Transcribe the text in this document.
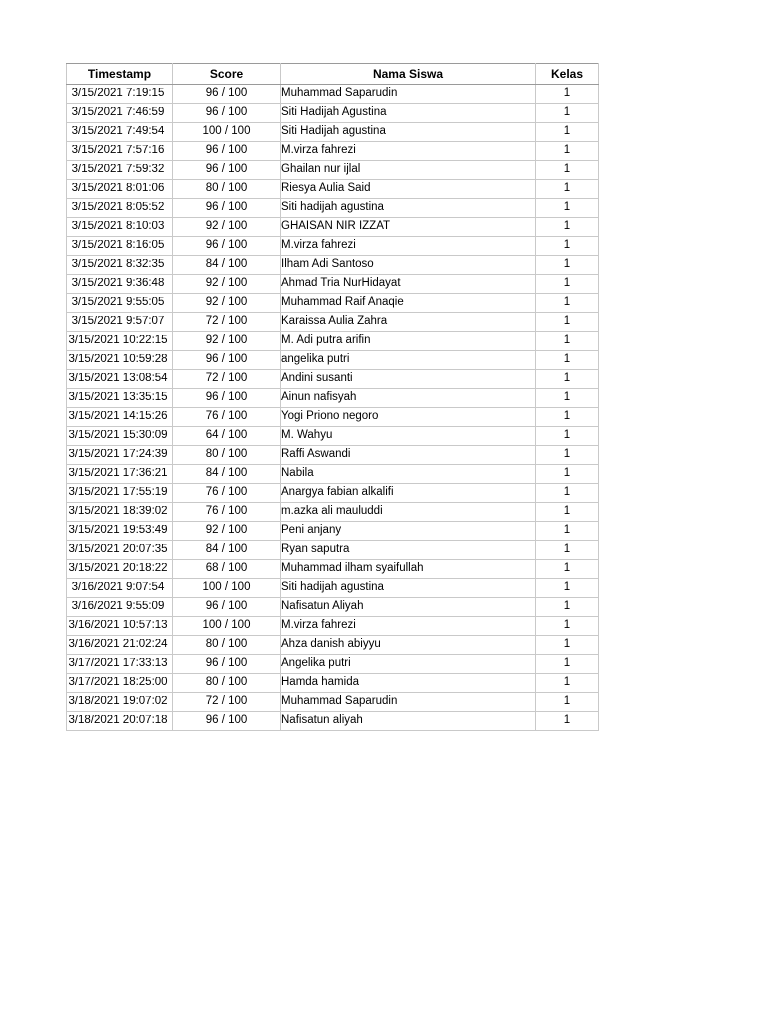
Timestamp	Score	Nama Siswa	Kelas

3/15/2021 7:19:15	96 / 100	Muhammad Saparudin	1

3/15/2021 7:46:59	96 / 100	Siti Hadijah Agustina	1

3/15/2021 7:49:54	100 / 100	Siti Hadijah agustina	1

3/15/2021 7:57:16	96 / 100	M.virza fahrezi	1

3/15/2021 7:59:32	96 / 100	Ghailan nur ijlal	1

3/15/2021 8:01:06	80 / 100	Riesya Aulia Said	1

3/15/2021 8:05:52	96 / 100	Siti hadijah agustina	1

3/15/2021 8:10:03	92 / 100	GHAISAN NIR IZZAT	1

3/15/2021 8:16:05	96 / 100	M.virza fahrezi	1

3/15/2021 8:32:35	84 / 100	Ilham Adi Santoso	1

3/15/2021 9:36:48	92 / 100	Ahmad Tria NurHidayat	1

3/15/2021 9:55:05	92 / 100	Muhammad Raif Anaqie	1

3/15/2021 9:57:07	72 / 100	Karaissa Aulia Zahra	1

3/15/2021 10:22:15	92 / 100	M. Adi putra arifin	1

3/15/2021 10:59:28	96 / 100	angelika putri	1

3/15/2021 13:08:54	72 / 100	Andini susanti	1

3/15/2021 13:35:15	96 / 100	Ainun nafisyah	1

3/15/2021 14:15:26	76 / 100	Yogi Priono negoro	1

3/15/2021 15:30:09	64 / 100	M. Wahyu	1

3/15/2021 17:24:39	80 / 100	Raffi Aswandi	1

3/15/2021 17:36:21	84 / 100	Nabila	1

3/15/2021 17:55:19	76 / 100	Anargya fabian alkalifi	1

3/15/2021 18:39:02	76 / 100	m.azka ali mauluddi	1

3/15/2021 19:53:49	92 / 100	Peni anjany	1

3/15/2021 20:07:35	84 / 100	Ryan saputra	1

3/15/2021 20:18:22	68 / 100	Muhammad ilham syaifullah	1

3/16/2021 9:07:54	100 / 100	Siti hadijah agustina	1

3/16/2021 9:55:09	96 / 100	Nafisatun Aliyah	1

3/16/2021 10:57:13	100 / 100	M.virza fahrezi	1

3/16/2021 21:02:24	80 / 100	Ahza danish abiyyu	1

3/17/2021 17:33:13	96 / 100	Angelika putri	1

3/17/2021 18:25:00	80 / 100	Hamda hamida	1

3/18/2021 19:07:02	72 / 100	Muhammad Saparudin	1

3/18/2021 20:07:18	96 / 100	Nafisatun aliyah	1
